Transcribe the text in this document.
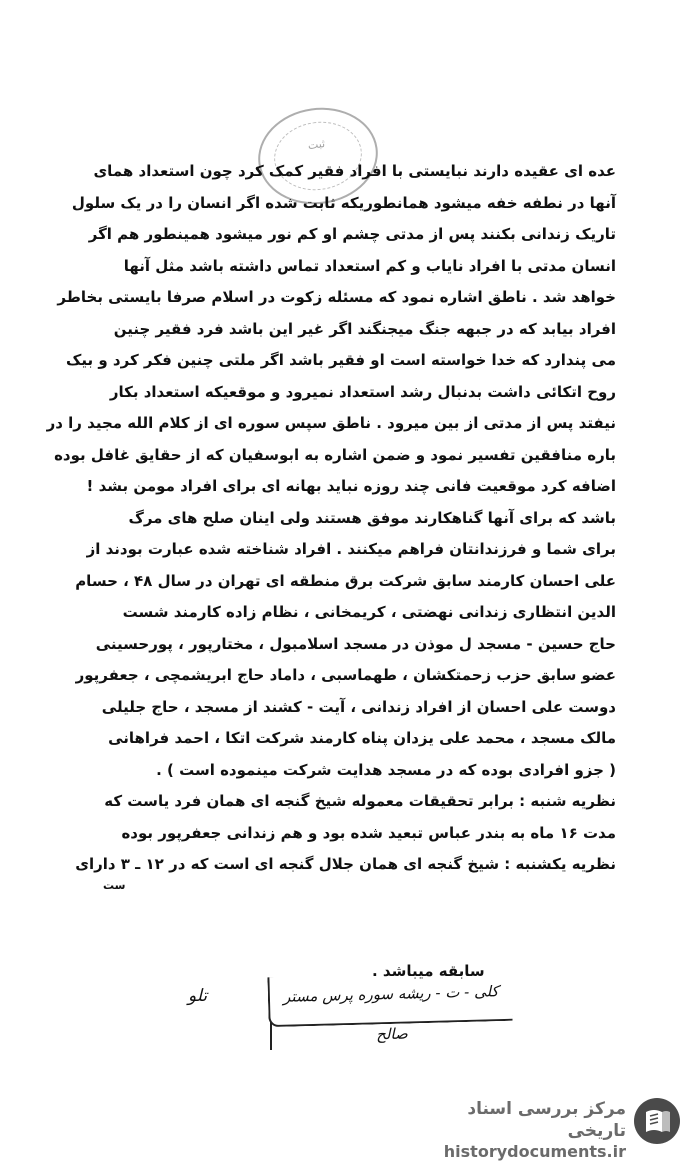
ثبت
عده ای عقیده دارند نبایستی با افراد فقیر کمک کرد چون استعداد همای
آنها در نطفه خفه میشود همانطوریکه ثابت شده اگر انسان را در یک سلول
تاریک زندانی بکنند پس از مدتی چشم او کم نور میشود همینطور هم اگر
انسان مدتی با افراد نایاب و کم استعداد تماس داشته باشد مثل آنها
خواهد شد . ناطق اشاره نمود که مسئله زکوت در اسلام صرفا بایستی بخاطر
افراد بیابد که در جبهه جنگ میجنگند اگر غیر این باشد فرد فقیر چنین
می پندارد که خدا خواسته است او فقیر باشد اگر ملتی چنین فکر کرد و بیک
روح اتکائی داشت بدنبال رشد استعداد نمیرود و موقعیکه استعداد بکار
نیفتد پس از مدتی از بین میرود . ناطق سپس سوره ای از کلام الله مجید را در
باره منافقین تفسیر نمود و ضمن اشاره به ابوسفیان که از حقایق غافل بوده
اضافه کرد موقعیت فانی چند روزه نباید بهانه ای برای افراد مومن بشد !
باشد که برای آنها گناهکارند موفق هستند ولی اینان صلح های مرگ
برای شما و فرزندانتان فراهم میکنند . افراد شناخته شده عبارت بودند از
علی احسان کارمند سابق شرکت برق منطقه ای تهران در سال ۴۸ ، حسام
الدین انتظاری زندانی نهضتی ، کریمخانی ، نظام زاده کارمند شست
حاج حسین - مسجد ل موذن در مسجد اسلامبول ، مختارپور ، پورحسینی
عضو سابق حزب زحمتکشان ، طهماسبی ، داماد حاج ابریشمچی ، جعفرپور
دوست علی احسان از افراد زندانی ، آیت - کشند از مسجد ، حاج جلیلی
مالک مسجد ، محمد علی یزدان پناه کارمند شرکت اتکا ، احمد فراهانی
( جزو افرادی بوده که در مسجد هدایت شرکت مینموده است ) .
نظریه شنبه : برابر تحقیقات معموله شیخ گنجه ای همان فرد یاست که
مدت ۱۶ ماه به بندر عباس تبعید شده بود و هم زندانی جعفرپور بوده
نظریه یکشنبه : شیخ گنجه ای همان جلال گنجه ای است که در ۱۲ ـ ۳ دارای
ست
سابقه میباشد .
تلو	کلی - ت - ریشه سوره پرس مستر صالح
مرکز بررسی اسناد تاریخی
historydocuments.ir
